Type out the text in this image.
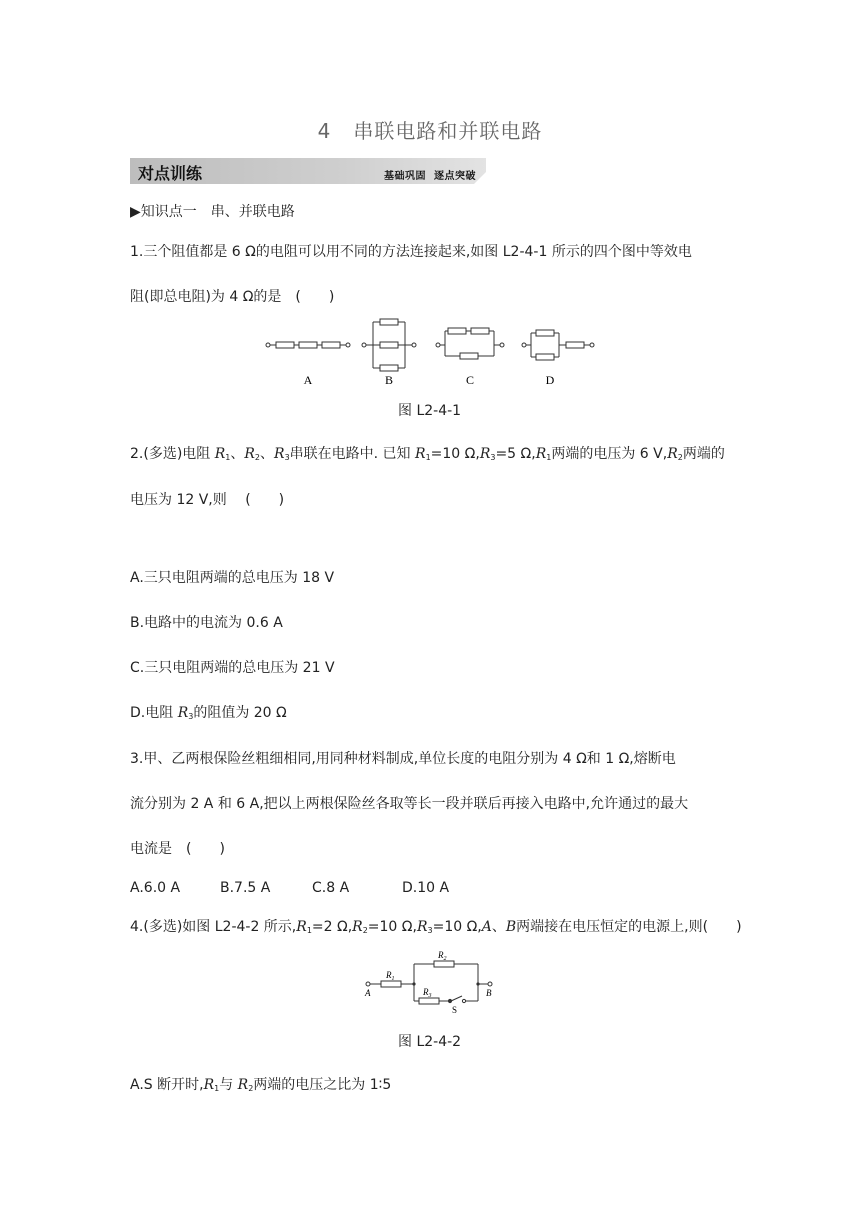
4 串联电路和并联电路
对点训练	基础巩固 逐点突破
▶知识点一　串、并联电路
1.三个阻值都是 6 Ω的电阻可以用不同的方法连接起来,如图 L2-4-1 所示的四个图中等效电
阻(即总电阻)为 4 Ω的是　(　　)
A	B	C	D
图 L2-4-1
2.(多选)电阻 $R_1$、$R_2$、$R_3$串联在电路中. 已知 $R_1=10$ $\Omega,R_3=5$ $\Omega,R_1$两端的电压为 6 $V,R_2$两端的
电压为 12 V,则　 (　　)
A.三只电阻两端的总电压为 18 V
B.电路中的电流为 0.6 A
C.三只电阻两端的总电压为 21 V
D.电阻 $R_3$的阻值为 20 Ω
3.甲、乙两根保险丝粗细相同,用同种材料制成,单位长度的电阻分别为 4 Ω和 1 Ω,熔断电
流分别为 2 A 和 6 A,把以上两根保险丝各取等长一段并联后再接入电路中,允许通过的最大
电流是　(　　)
A.6.0 A	B.7.5 A	C.8 A	D.10 A
4.(多选)如图 L2-4-2 所示$,R_1=2$ $\Omega,R_2=10$ $\Omega,R_3=10$ Ω,A、B两端接在电压恒定的电源上,则(　　)
$R_1$
$R_2$
$R_3$
A	B
S
图 L2-4-2
A.S 断开时$,R_1$与 $R_2$两端的电压之比为 1∶5
